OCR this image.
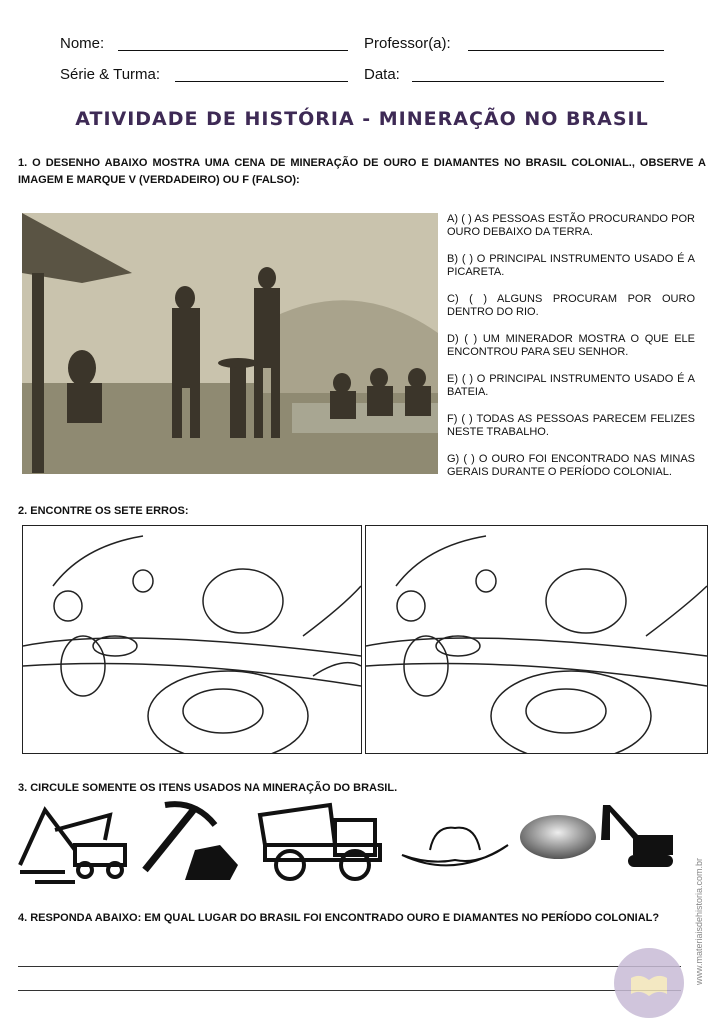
Nome:	Professor(a):
Série & Turma:	Data:
ATIVIDADE DE HISTÓRIA - MINERAÇÃO NO BRASIL
1. O DESENHO ABAIXO MOSTRA UMA CENA DE MINERAÇÃO DE OURO E DIAMANTES NO BRASIL COLONIAL., OBSERVE A IMAGEM E MARQUE V (VERDADEIRO) OU F (FALSO):
A) ( ) AS PESSOAS ESTÃO PROCURANDO POR OURO DEBAIXO DA TERRA.
B) ( ) O PRINCIPAL INSTRUMENTO USADO É A PICARETA.
C) ( ) ALGUNS PROCURAM POR OURO DENTRO DO RIO.
D) ( ) UM MINERADOR MOSTRA O QUE ELE ENCONTROU PARA SEU SENHOR.
E) ( ) O PRINCIPAL INSTRUMENTO USADO É A BATEIA.
F) ( ) TODAS AS PESSOAS PARECEM FELIZES NESTE TRABALHO.
G) ( ) O OURO FOI ENCONTRADO NAS MINAS GERAIS DURANTE O PERÍODO COLONIAL.
2. ENCONTRE OS SETE ERROS:
3. CIRCULE SOMENTE OS ITENS USADOS NA MINERAÇÃO DO BRASIL.
4. RESPONDA ABAIXO: EM QUAL LUGAR DO BRASIL FOI ENCONTRADO OURO E DIAMANTES NO PERÍODO COLONIAL?	www.materiaisdehistoria.com.br
